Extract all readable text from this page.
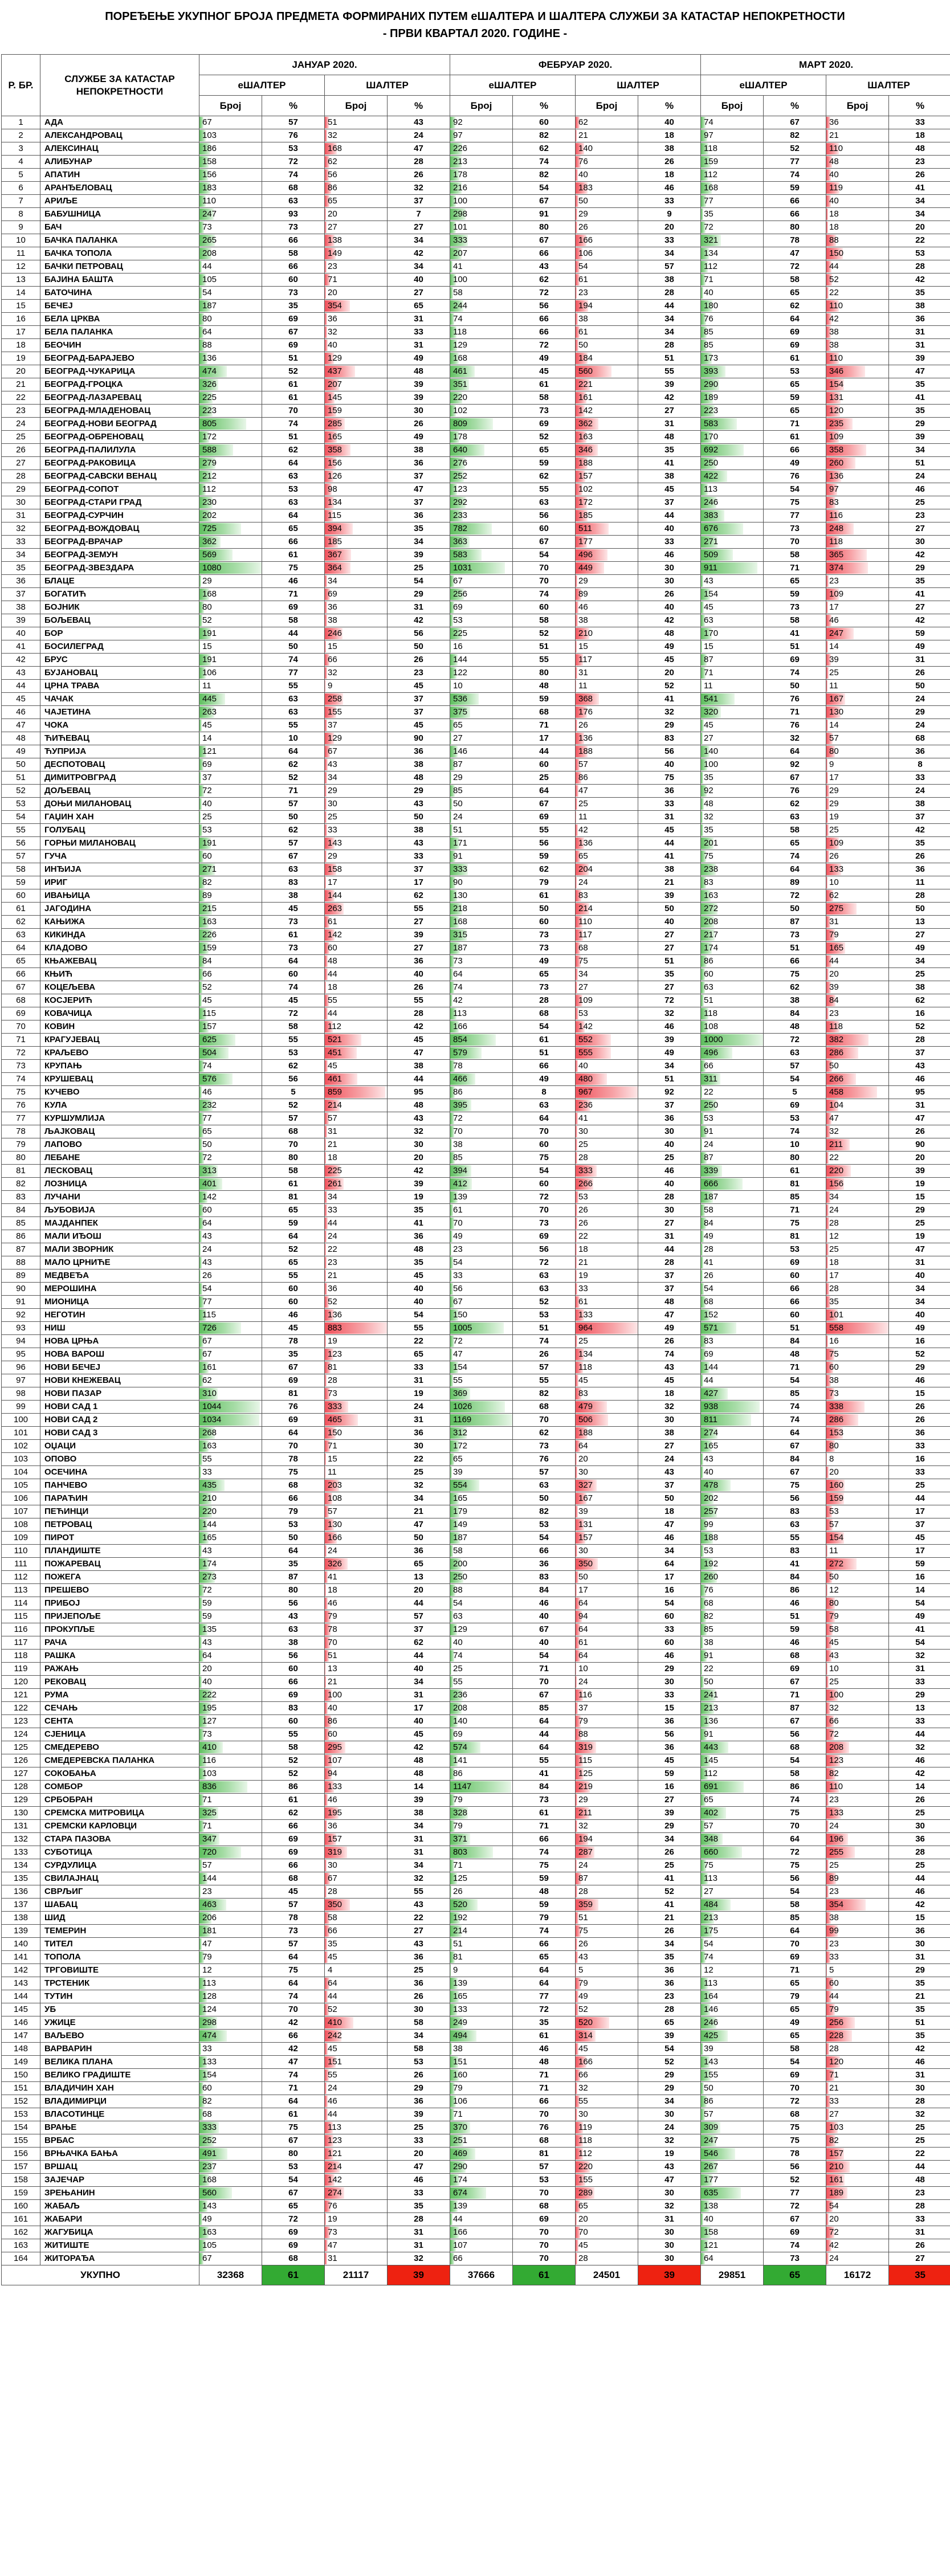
ПОРЕЂЕЊЕ УКУПНОГ БРОЈА ПРЕДМЕТА ФОРМИРАНИХ ПУТЕМ еШАЛТЕРА И ШАЛТЕРА СЛУЖБИ ЗА КАТАСТАР НЕПОКРЕТНОСТИ
- ПРВИ КВАРТАЛ 2020. ГОДИНЕ -
Р. БР.	СЛУЖБЕ ЗА КАТАСТАР НЕПОКРЕТНОСТИ	ЈАНУАР 2020.				ФЕБРУАР 2020.				МАРТ 2020.			
		еШАЛТЕР		ШАЛТЕР		еШАЛТЕР		ШАЛТЕР		еШАЛТЕР		ШАЛТЕР	
		Број	%	Број	%	Број	%	Број	%	Број	%	Број	%
1	АДА	67	57	51	43	92	60	62	40	74	67	36	33
2	АЛЕКСАНДРОВАЦ	103	76	32	24	97	82	21	18	97	82	21	18
3	АЛЕКСИНАЦ	186	53	168	47	226	62	140	38	118	52	110	48
4	АЛИБУНАР	158	72	62	28	213	74	76	26	159	77	48	23
5	АПАТИН	156	74	56	26	178	82	40	18	112	74	40	26
6	АРАНЂЕЛОВАЦ	183	68	86	32	216	54	183	46	168	59	119	41
7	АРИЉЕ	110	63	65	37	100	67	50	33	77	66	40	34
8	БАБУШНИЦА	247	93	20	7	298	91	29	9	35	66	18	34
9	БАЧ	73	73	27	27	101	80	26	20	72	80	18	20
10	БАЧКА ПАЛАНКА	265	66	138	34	333	67	166	33	321	78	88	22
11	БАЧКА ТОПОЛА	208	58	149	42	207	66	106	34	134	47	150	53
12	БАЧКИ ПЕТРОВАЦ	44	66	23	34	41	43	54	57	112	72	44	28
13	БАЈИНА БАШТА	105	60	71	40	100	62	61	38	71	58	52	42
14	БАТОЧИНА	54	73	20	27	58	72	23	28	40	65	22	35
15	БЕЧЕЈ	187	35	354	65	244	56	194	44	180	62	110	38
16	БЕЛА ЦРКВА	80	69	36	31	74	66	38	34	76	64	42	36
17	БЕЛА ПАЛАНКА	64	67	32	33	118	66	61	34	85	69	38	31
18	БЕОЧИН	88	69	40	31	129	72	50	28	85	69	38	31
19	БЕОГРАД-БАРАЈЕВО	136	51	129	49	168	49	184	51	173	61	110	39
20	БЕОГРАД-ЧУКАРИЦА	474	52	437	48	461	45	560	55	393	53	346	47
21	БЕОГРАД-ГРОЦКА	326	61	207	39	351	61	221	39	290	65	154	35
22	БЕОГРАД-ЛАЗАРЕВАЦ	225	61	145	39	220	58	161	42	189	59	131	41
23	БЕОГРАД-МЛАДЕНОВАЦ	223	70	159	30	102	73	142	27	223	65	120	35
24	БЕОГРАД-НОВИ БЕОГРАД	805	74	285	26	809	69	362	31	583	71	235	29
25	БЕОГРАД-ОБРЕНОВАЦ	172	51	165	49	178	52	163	48	170	61	109	39
26	БЕОГРАД-ПАЛИЛУЛА	588	62	358	38	640	65	346	35	692	66	358	34
27	БЕОГРАД-РАКОВИЦА	279	64	156	36	276	59	188	41	250	49	260	51
28	БЕОГРАД-САВСКИ ВЕНАЦ	212	63	126	37	252	62	157	38	422	76	136	24
29	БЕОГРАД-СОПОТ	112	53	98	47	123	55	102	45	113	54	97	46
30	БЕОГРАД-СТАРИ ГРАД	230	63	134	37	292	63	172	37	246	75	83	25
31	БЕОГРАД-СУРЧИН	202	64	115	36	233	56	185	44	383	77	116	23
32	БЕОГРАД-ВОЖДОВАЦ	725	65	394	35	782	60	511	40	676	73	248	27
33	БЕОГРАД-ВРАЧАР	362	66	185	34	363	67	177	33	271	70	118	30
34	БЕОГРАД-ЗЕМУН	569	61	367	39	583	54	496	46	509	58	365	42
35	БЕОГРАД-ЗВЕЗДАРА	1080	75	364	25	1031	70	449	30	911	71	374	29
36	БЛАЦЕ	29	46	34	54	67	70	29	30	43	65	23	35
37	БОГАТИЋ	168	71	69	29	256	74	89	26	154	59	109	41
38	БОЈНИК	80	69	36	31	69	60	46	40	45	73	17	27
39	БОЉЕВАЦ	52	58	38	42	53	58	38	42	63	58	46	42
40	БОР	191	44	246	56	225	52	210	48	170	41	247	59
41	БОСИЛЕГРАД	15	50	15	50	16	51	15	49	15	51	14	49
42	БРУС	191	74	66	26	144	55	117	45	87	69	39	31
43	БУЈАНОВАЦ	106	77	32	23	122	80	31	20	71	74	25	26
44	ЦРНА ТРАВА	11	55	9	45	10	48	11	52	11	50	11	50
45	ЧАЧАК	445	63	258	37	536	59	368	41	541	76	167	24
46	ЧАЈЕТИНА	263	63	155	37	375	68	176	32	320	71	130	29
47	ЧОКА	45	55	37	45	65	71	26	29	45	76	14	24
48	ЋИЋЕВАЦ	14	10	129	90	27	17	136	83	27	32	57	68
49	ЋУПРИЈА	121	64	67	36	146	44	188	56	140	64	80	36
50	ДЕСПОТОВАЦ	69	62	43	38	87	60	57	40	100	92	9	8
51	ДИМИТРОВГРАД	37	52	34	48	29	25	86	75	35	67	17	33
52	ДОЉЕВАЦ	72	71	29	29	85	64	47	36	92	76	29	24
53	ДОЊИ МИЛАНОВАЦ	40	57	30	43	50	67	25	33	48	62	29	38
54	ГАЏИН ХАН	25	50	25	50	24	69	11	31	32	63	19	37
55	ГОЛУБАЦ	53	62	33	38	51	55	42	45	35	58	25	42
56	ГОРЊИ МИЛАНОВАЦ	191	57	143	43	171	56	136	44	201	65	109	35
57	ГУЧА	60	67	29	33	91	59	65	41	75	74	26	26
58	ИНЂИЈА	271	63	158	37	333	62	204	38	238	64	133	36
59	ИРИГ	82	83	17	17	90	79	24	21	83	89	10	11
60	ИВАЊИЦА	89	38	144	62	130	61	83	39	163	72	62	28
61	ЈАГОДИНА	215	45	263	55	218	50	214	50	272	50	275	50
62	КАЊИЖА	163	73	61	27	168	60	110	40	208	87	31	13
63	КИКИНДА	226	61	142	39	315	73	117	27	217	73	79	27
64	КЛАДОВО	159	73	60	27	187	73	68	27	174	51	165	49
65	КЊАЖЕВАЦ	84	64	48	36	73	49	75	51	86	66	44	34
66	КЊИЋ	66	60	44	40	64	65	34	35	60	75	20	25
67	КОЦЕЉЕВА	52	74	18	26	74	73	27	27	63	62	39	38
68	КОСЈЕРИЋ	45	45	55	55	42	28	109	72	51	38	84	62
69	КОВАЧИЦА	115	72	44	28	113	68	53	32	118	84	23	16
70	КОВИН	157	58	112	42	166	54	142	46	108	48	118	52
71	КРАГУЈЕВАЦ	625	55	521	45	854	61	552	39	1000	72	382	28
72	КРАЉЕВО	504	53	451	47	579	51	555	49	496	63	286	37
73	КРУПАЊ	74	62	45	38	78	66	40	34	66	57	50	43
74	КРУШЕВАЦ	576	56	461	44	466	49	480	51	311	54	266	46
75	КУЧЕВО	46	5	859	95	86	8	967	92	22	5	458	95
76	КУЛА	232	52	214	48	395	63	236	37	250	69	104	31
77	КУРШУМЛИЈА	77	57	57	43	72	64	41	36	53	53	47	47
78	ЉАЈКОВАЦ	65	68	31	32	70	70	30	30	91	74	32	26
79	ЛАПОВО	50	70	21	30	38	60	25	40	24	10	211	90
80	ЛЕБАНЕ	72	80	18	20	85	75	28	25	87	80	22	20
81	ЛЕСКОВАЦ	313	58	225	42	394	54	333	46	339	61	220	39
82	ЛОЗНИЦА	401	61	261	39	412	60	266	40	666	81	156	19
83	ЛУЧАНИ	142	81	34	19	139	72	53	28	187	85	34	15
84	ЉУБОВИЈА	60	65	33	35	61	70	26	30	58	71	24	29
85	МАЈДАНПЕК	64	59	44	41	70	73	26	27	84	75	28	25
86	МАЛИ ИЂОШ	43	64	24	36	49	69	22	31	49	81	12	19
87	МАЛИ ЗВОРНИК	24	52	22	48	23	56	18	44	28	53	25	47
88	МАЛО ЦРНИЋЕ	43	65	23	35	54	72	21	28	41	69	18	31
89	МЕДВЕЂА	26	55	21	45	33	63	19	37	26	60	17	40
90	МЕРОШИНА	54	60	36	40	56	63	33	37	54	66	28	34
91	МИОНИЦА	77	60	52	40	67	52	61	48	68	66	35	34
92	НЕГОТИН	115	46	136	54	150	53	133	47	152	60	101	40
93	НИШ	726	45	883	55	1005	51	964	49	571	51	558	49
94	НОВА ЦРЊА	67	78	19	22	72	74	25	26	83	84	16	16
95	НОВА ВАРОШ	67	35	123	65	47	26	134	74	69	48	75	52
96	НОВИ БЕЧЕЈ	161	67	81	33	154	57	118	43	144	71	60	29
97	НОВИ КНЕЖЕВАЦ	62	69	28	31	55	55	45	45	44	54	38	46
98	НОВИ ПАЗАР	310	81	73	19	369	82	83	18	427	85	73	15
99	НОВИ САД 1	1044	76	333	24	1026	68	479	32	938	74	338	26
100	НОВИ САД 2	1034	69	465	31	1169	70	506	30	811	74	286	26
101	НОВИ САД 3	268	64	150	36	312	62	188	38	274	64	153	36
102	ОЏАЦИ	163	70	71	30	172	73	64	27	165	67	80	33
103	ОПОВО	55	78	15	22	65	76	20	24	43	84	8	16
104	ОСЕЧИНА	33	75	11	25	39	57	30	43	40	67	20	33
105	ПАНЧЕВО	435	68	203	32	554	63	327	37	478	75	160	25
106	ПАРАЋИН	210	66	108	34	165	50	167	50	202	56	159	44
107	ПЕЋИНЦИ	220	79	57	21	179	82	39	18	257	83	53	17
108	ПЕТРОВАЦ	144	53	130	47	149	53	131	47	99	63	57	37
109	ПИРОТ	165	50	166	50	187	54	157	46	188	55	154	45
110	ПЛАНДИШТЕ	43	64	24	36	58	66	30	34	53	83	11	17
111	ПОЖАРЕВАЦ	174	35	326	65	200	36	350	64	192	41	272	59
112	ПОЖЕГА	273	87	41	13	250	83	50	17	260	84	50	16
113	ПРЕШЕВО	72	80	18	20	88	84	17	16	76	86	12	14
114	ПРИБОЈ	59	56	46	44	54	46	64	54	68	46	80	54
115	ПРИЈЕПОЉЕ	59	43	79	57	63	40	94	60	82	51	79	49
116	ПРОКУПЉЕ	135	63	78	37	129	67	64	33	85	59	58	41
117	РАЧА	43	38	70	62	40	40	61	60	38	46	45	54
118	РАШКА	64	56	51	44	74	54	64	46	91	68	43	32
119	РАЖАЊ	20	60	13	40	25	71	10	29	22	69	10	31
120	РЕКОВАЦ	40	66	21	34	55	70	24	30	50	67	25	33
121	РУМА	222	69	100	31	236	67	116	33	241	71	100	29
122	СЕЧАЊ	195	83	40	17	208	85	37	15	213	87	32	13
123	СЕНТА	127	60	86	40	140	64	79	36	136	67	66	33
124	СЈЕНИЦА	73	55	60	45	69	44	88	56	91	56	72	44
125	СМЕДЕРЕВО	410	58	295	42	574	64	319	36	443	68	208	32
126	СМЕДЕРЕВСКА ПАЛАНКА	116	52	107	48	141	55	115	45	145	54	123	46
127	СОКОБАЊА	103	52	94	48	86	41	125	59	112	58	82	42
128	СОМБОР	836	86	133	14	1147	84	219	16	691	86	110	14
129	СРБОБРАН	71	61	46	39	79	73	29	27	65	74	23	26
130	СРЕМСКА МИТРОВИЦА	325	62	195	38	328	61	211	39	402	75	133	25
131	СРЕМСКИ КАРЛОВЦИ	71	66	36	34	79	71	32	29	57	70	24	30
132	СТАРА ПАЗОВА	347	69	157	31	371	66	194	34	348	64	196	36
133	СУБОТИЦА	720	69	319	31	803	74	287	26	660	72	255	28
134	СУРДУЛИЦА	57	66	30	34	71	75	24	25	75	75	25	25
135	СВИЛАЈНАЦ	144	68	67	32	125	59	87	41	113	56	89	44
136	СВРЉИГ	23	45	28	55	26	48	28	52	27	54	23	46
137	ШАБАЦ	463	57	350	43	520	59	359	41	484	58	354	42
138	ШИД	206	78	58	22	192	79	51	21	213	85	38	15
139	ТЕМЕРИН	181	73	66	27	214	74	75	26	175	64	99	36
140	ТИТЕЛ	47	57	35	43	51	66	26	34	54	70	23	30
141	ТОПОЛА	79	64	45	36	81	65	43	35	74	69	33	31
142	ТРГОВИШТЕ	12	75	4	25	9	64	5	36	12	71	5	29
143	ТРСТЕНИК	113	64	64	36	139	64	79	36	113	65	60	35
144	ТУТИН	128	74	44	26	165	77	49	23	164	79	44	21
145	УБ	124	70	52	30	133	72	52	28	146	65	79	35
146	УЖИЦЕ	298	42	410	58	249	35	520	65	246	49	256	51
147	ВАЉЕВО	474	66	242	34	494	61	314	39	425	65	228	35
148	ВАРВАРИН	33	42	45	58	38	46	45	54	39	58	28	42
149	ВЕЛИКА ПЛАНА	133	47	151	53	151	48	166	52	143	54	120	46
150	ВЕЛИКО ГРАДИШТЕ	154	74	55	26	160	71	66	29	155	69	71	31
151	ВЛАДИЧИН ХАН	60	71	24	29	79	71	32	29	50	70	21	30
152	ВЛАДИМИРЦИ	82	64	46	36	106	66	55	34	86	72	33	28
153	ВЛАСОТИНЦЕ	68	61	44	39	71	70	30	30	57	68	27	32
154	ВРАЊЕ	333	75	113	25	370	76	119	24	309	75	103	25
155	ВРБАС	252	67	123	33	251	68	118	32	247	75	82	25
156	ВРЊАЧКА БАЊА	491	80	121	20	469	81	112	19	546	78	157	22
157	ВРШАЦ	237	53	214	47	290	57	220	43	267	56	210	44
158	ЗАЈЕЧАР	168	54	142	46	174	53	155	47	177	52	161	48
159	ЗРЕЊАНИН	560	67	274	33	674	70	289	30	635	77	189	23
160	ЖАБАЉ	143	65	76	35	139	68	65	32	138	72	54	28
161	ЖАБАРИ	49	72	19	28	44	69	20	31	40	67	20	33
162	ЖАГУБИЦА	163	69	73	31	166	70	70	30	158	69	72	31
163	ЖИТИШТЕ	105	69	47	31	107	70	45	30	121	74	42	26
164	ЖИТОРАЂА	67	68	31	32	66	70	28	30	64	73	24	27
УКУПНО		32368	61	21117	39	37666	61	24501	39	29851	65	16172	35
